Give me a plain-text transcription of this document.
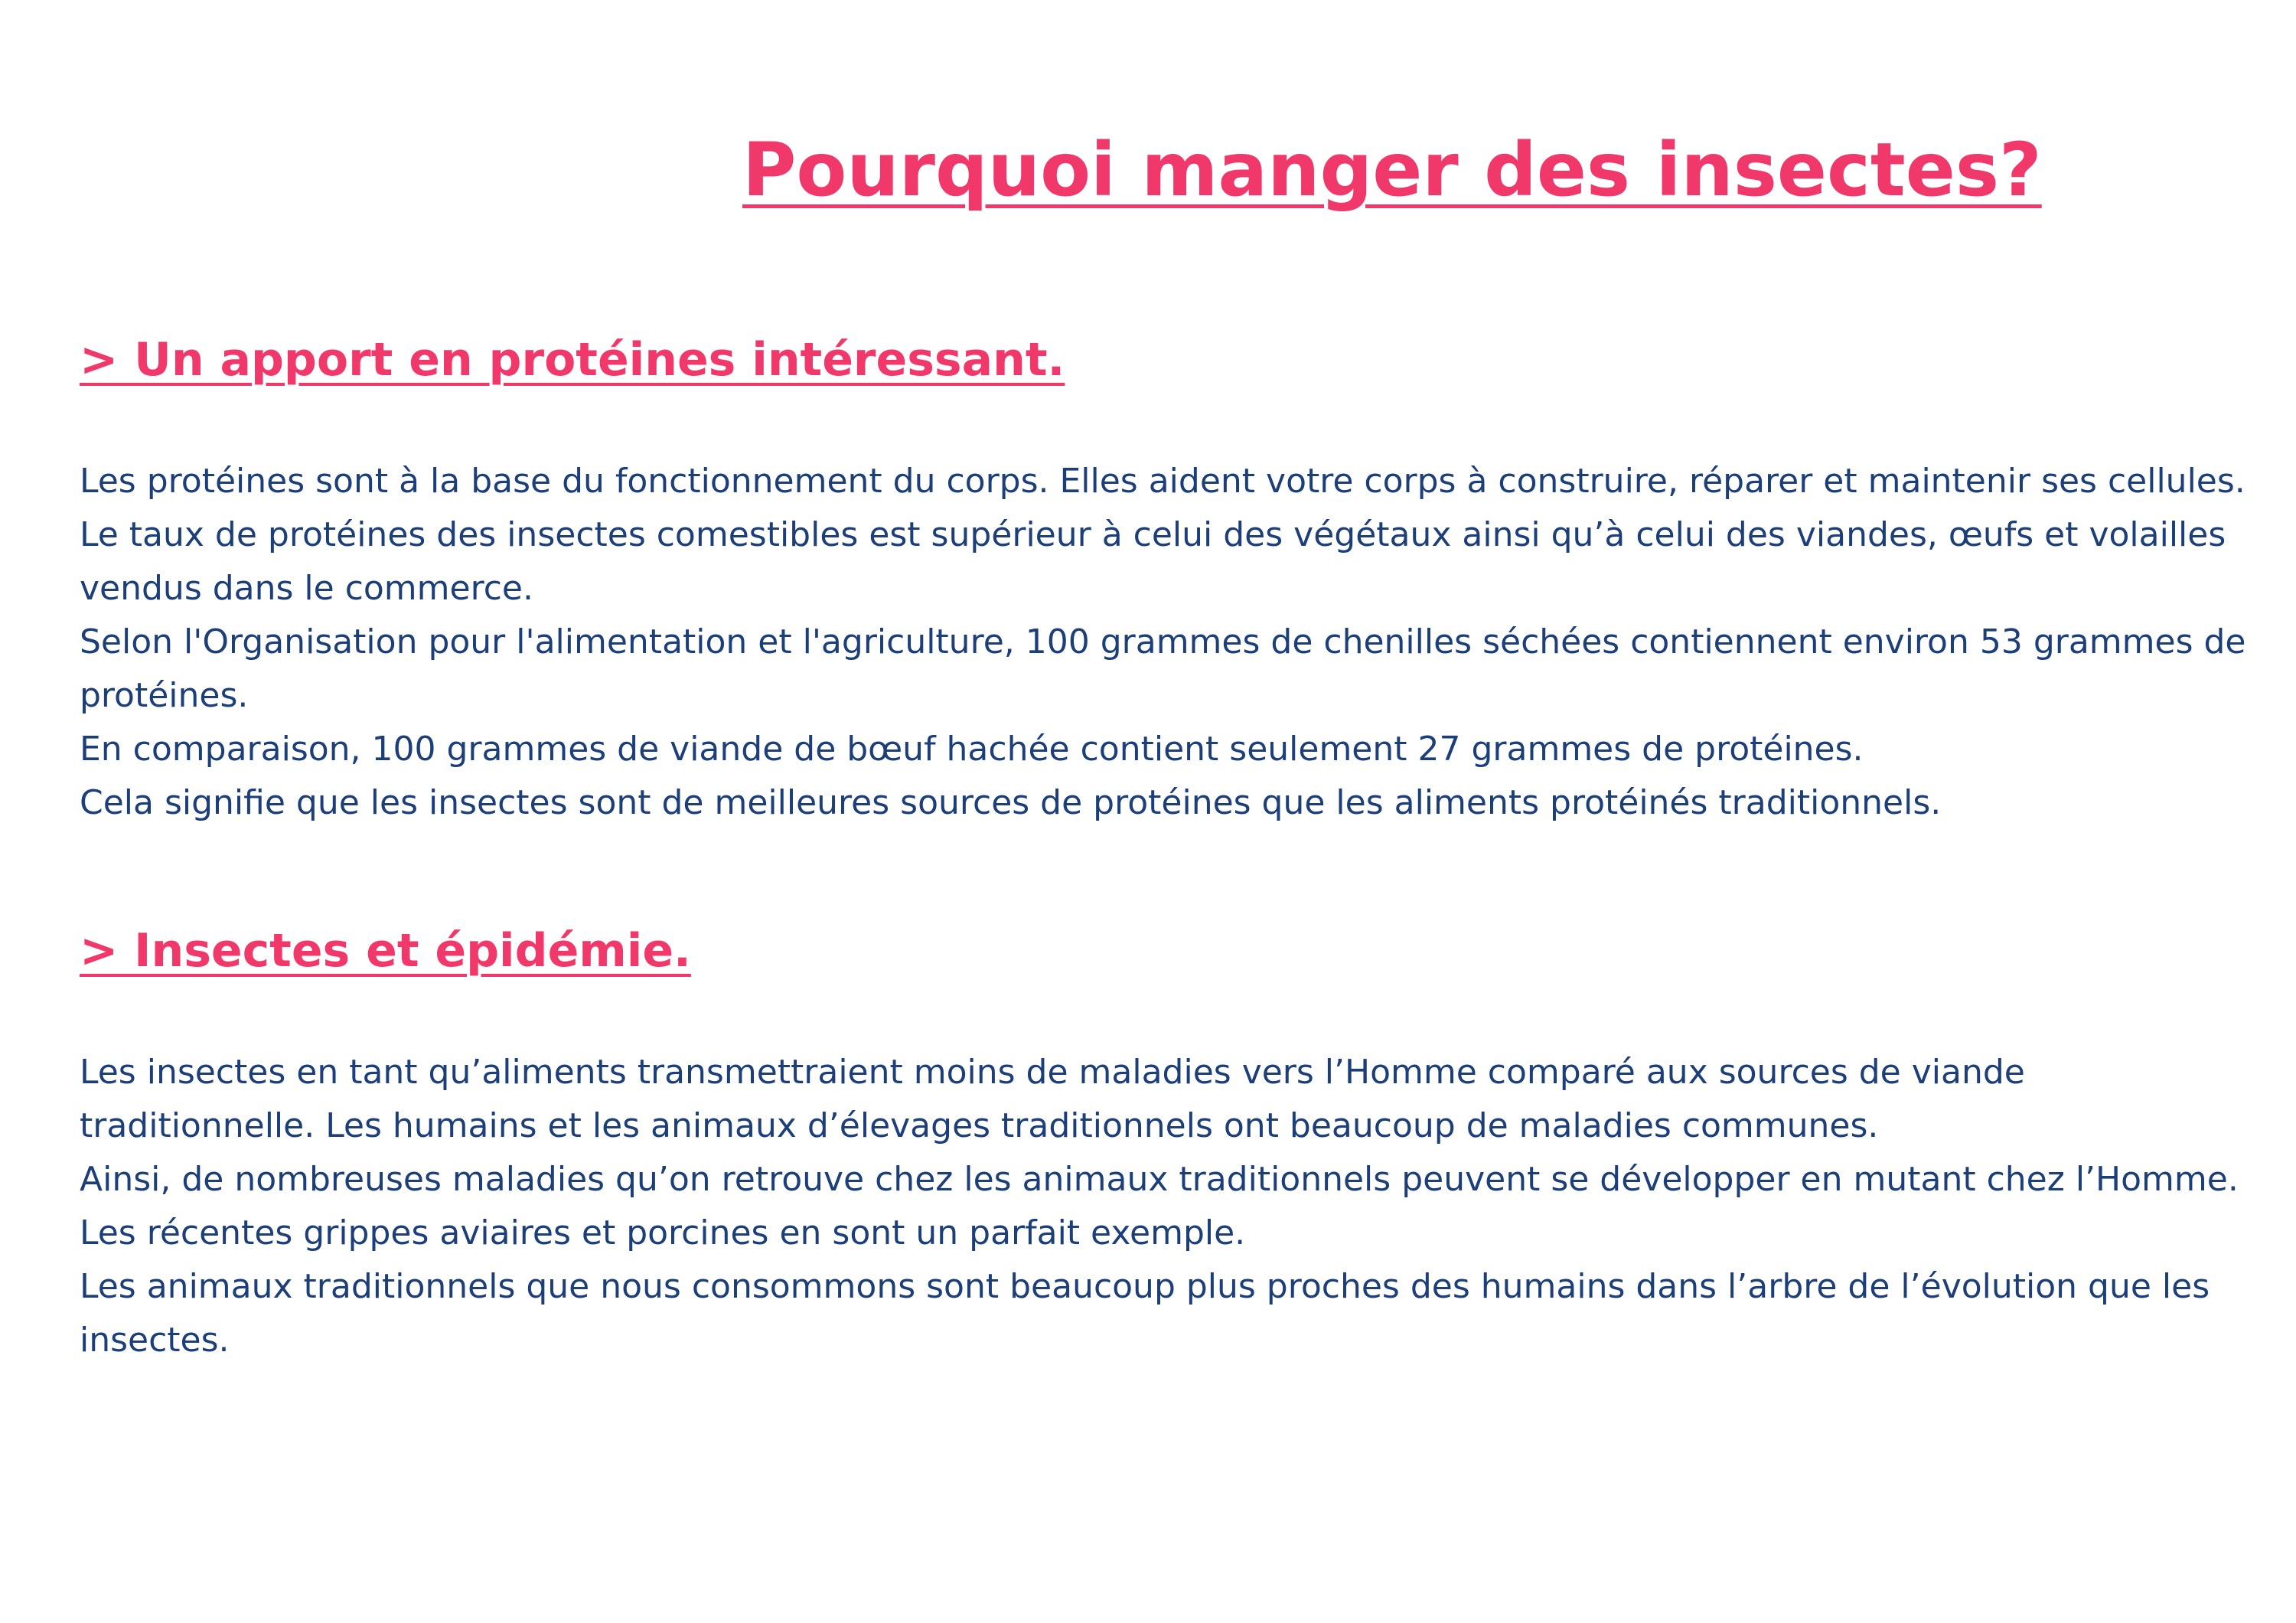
Pourquoi manger des insectes?
> Un apport en protéines intéressant.

Les protéines sont à la base du fonctionnement du corps. Elles aident votre corps à construire, réparer et maintenir ses cellules.

Le taux de protéines des insectes comestibles est supérieur à celui des végétaux ainsi qu’à celui des viandes, œufs et volailles vendus dans le commerce.

Selon l'Organisation pour l'alimentation et l'agriculture, 100 grammes de chenilles séchées contiennent environ 53 grammes de protéines.

En comparaison, 100 grammes de viande de bœuf hachée contient seulement 27 grammes de protéines.

Cela signifie que les insectes sont de meilleures sources de protéines que les aliments protéinés traditionnels.

> Insectes et épidémie.

Les insectes en tant qu’aliments transmettraient moins de maladies vers l’Homme comparé aux sources de viande traditionnelle. Les humains et les animaux d’élevages traditionnels ont beaucoup de maladies communes.

Ainsi, de nombreuses maladies qu’on retrouve chez les animaux traditionnels peuvent se développer en mutant chez l’Homme.

Les récentes grippes aviaires et porcines en sont un parfait exemple.

Les animaux traditionnels que nous consommons sont beaucoup plus proches des humains dans l’arbre de l’évolution que les insectes.
